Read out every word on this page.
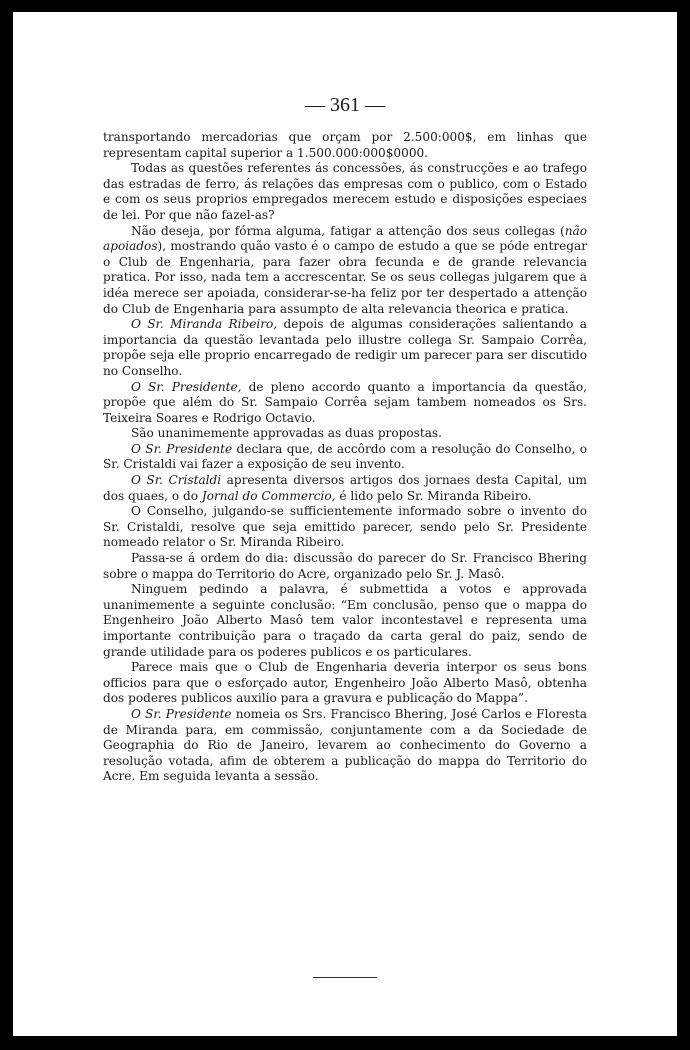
— 361 —

transportando mercadorias que orçam por 2.500:000$, em linhas que representam capital superior a 1.500.000:000$0000.

Todas as questões referentes ás concessões, ás construcções e ao trafego das estradas de ferro, ás relações das empresas com o publico, com o Estado e com os seus proprios empregados merecem estudo e disposições especiaes de lei. Por que não fazel-as?

Não deseja, por fórma alguma, fatigar a attenção dos seus collegas (não apoiados), mostrando quão vasto é o campo de estudo a que se póde entregar o Club de Engenharia, para fazer obra fecunda e de grande relevancia pratica. Por isso, nada tem a accrescentar. Se os seus collegas julgarem que a idéa merece ser apoiada, considerar-se-ha feliz por ter despertado a attenção do Club de Engenharia para assumpto de alta relevancia theorica e pratica.

O Sr. Miranda Ribeiro, depois de algumas considerações salientando a importancia da questão levantada pelo illustre collega Sr. Sampaio Corrêa, propõe seja elle proprio encarregado de redigir um parecer para ser discutido no Conselho.

O Sr. Presidente, de pleno accordo quanto a importancia da questão, propõe que além do Sr. Sampaio Corrêa sejam tambem nomeados os Srs. Teixeira Soares e Rodrigo Octavio.

São unanimemente approvadas as duas propostas.

O Sr. Presidente declara que, de accôrdo com a resolução do Conselho, o Sr. Cristaldi vai fazer a exposição de seu invento.

O Sr. Cristaldi apresenta diversos artigos dos jornaes desta Capital, um dos quaes, o do Jornal do Commercio, é lido pelo Sr. Miranda Ribeiro.

O Conselho, julgando-se sufficientemente informado sobre o invento do Sr. Cristaldi, resolve que seja emittido parecer, sendo pelo Sr. Presidente nomeado relator o Sr. Miranda Ribeiro.

Passa-se á ordem do dia: discussão do parecer do Sr. Francisco Bhering sobre o mappa do Territorio do Acre, organizado pelo Sr. J. Masô.

Ninguem pedindo a palavra, é submettida a votos e approvada unanimemente a seguinte conclusão: “Em conclusão, penso que o mappa do Engenheiro João Alberto Masô tem valor incontestavel e representa uma importante contribuição para o traçado da carta geral do paiz, sendo de grande utilidade para os poderes publicos e os particulares.

Parece mais que o Club de Engenharia deveria interpor os seus bons officios para que o esforçado autor, Engenheiro João Alberto Masô, obtenha dos poderes publicos auxilio para a gravura e publicação do Mappa”.

O Sr. Presidente nomeia os Srs. Francisco Bhering, José Carlos e Floresta de Miranda para, em commissão, conjuntamente com a da Sociedade de Geographia do Rio de Janeiro, levarem ao conhecimento do Governo a resolução votada, afim de obterem a publicação do mappa do Territorio do Acre. Em seguida levanta a sessão.
